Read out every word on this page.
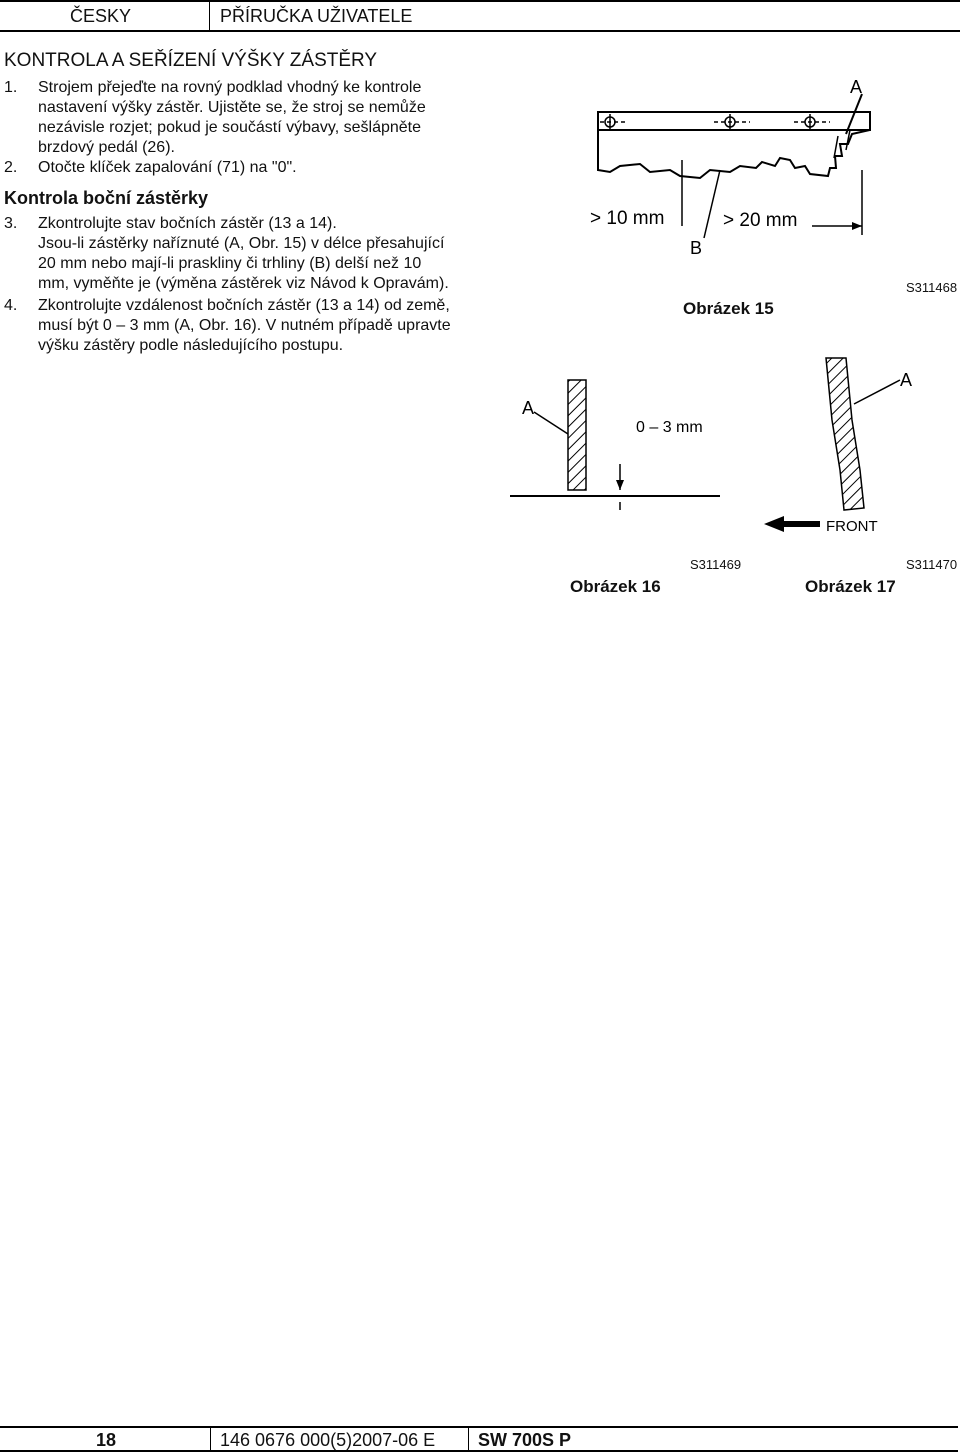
ČESKY	PŘÍRUČKA UŽIVATELE
KONTROLA A SEŘÍZENÍ VÝŠKY ZÁSTĚRY
1. Strojem přejeďte na rovný podklad vhodný ke kontrole
nastavení výšky zástěr. Ujistěte se, že stroj se nemůže
nezávisle rozjet; pokud je součástí výbavy, sešlápněte
brzdový pedál (26).
2. Otočte klíček zapalování (71) na "0".
Kontrola boční zástěrky
3. Zkontrolujte stav bočních zástěr (13 a 14).
Jsou-li zástěrky naříznuté (A, Obr. 15) v délce přesahující
20 mm nebo mají-li praskliny či trhliny (B) delší než 10
mm, vyměňte je (výměna zástěrek viz Návod k Opravám).
4. Zkontrolujte vzdálenost bočních zástěr (13 a 14) od země,
musí být 0 – 3 mm (A, Obr. 16). V nutném případě upravte
výšku zástěry podle následujícího postupu.
A
> 10 mm	> 20 mm
B
Obrázek 15
S311468
A
0 – 3 mm
S311469
Obrázek 16
A
FRONT
S311470
Obrázek 17
18	146 0676 000(5)2007-06 E SW 700S P
